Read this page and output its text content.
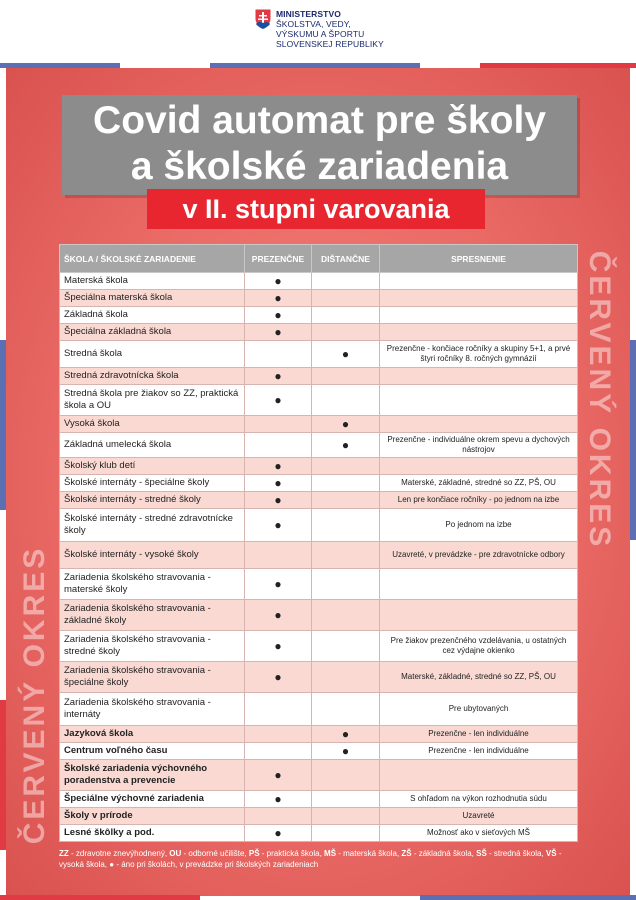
MINISTERSTVO
ŠKOLSTVA, VEDY,
VÝSKUMU A ŠPORTU
SLOVENSKEJ REPUBLIKY
Covid automat pre školy
a školské zariadenia
v II. stupni varovania
ČERVENÝ OKRES
ČERVENÝ OKRES
ŠKOLA / ŠKOLSKÉ ZARIADENIE	PREZENČNE	DIŠTANČNE	SPRESNENIE
Materská škola	●		
Špeciálna materská škola	●		
Základná škola	●		
Špeciálna základná škola	●		
Stredná škola		●	Prezenčne - končiace ročníky a skupiny 5+1, a prvé štyri ročníky 8. ročných gymnázií
Stredná zdravotnícka škola	●		
Stredná škola pre žiakov so ZZ, praktická škola a OU	●		
Vysoká škola		●	
Základná umelecká škola		●	Prezenčne - individuálne okrem spevu a dychových nástrojov
Školský klub detí	●		
Školské internáty - špeciálne školy	●		Materské, základné, stredné so ZZ, PŠ, OU
Školské internáty - stredné školy	●		Len pre končiace ročníky - po jednom na izbe
Školské internáty - stredné zdravotnícke školy	●		Po jednom na izbe
Školské internáty - vysoké školy			Uzavreté, v prevádzke - pre zdravotnícke odbory
Zariadenia školského stravovania - materské školy	●		
Zariadenia školského stravovania - základné školy	●		
Zariadenia školského stravovania - stredné školy	●		Pre žiakov prezenčného vzdelávania, u ostatných cez výdajne okienko
Zariadenia školského stravovania - špeciálne školy	●		Materské, základné, stredné so ZZ, PŠ, OU
Zariadenia školského stravovania - internáty			Pre ubytovaných
Jazyková škola		●	Prezenčne - len individuálne
Centrum voľného času		●	Prezenčne - len individuálne
Školské zariadenia výchovného poradenstva a prevencie	●		
Špeciálne výchovné zariadenia	●		S ohľadom na výkon rozhodnutia súdu
Školy v prírode			Uzavreté
Lesné škôlky a pod.	●		Možnosť ako v sieťových MŠ
ZZ - zdravotne znevýhodnený, OU - odborné učilište, PŠ - praktická škola, MŠ - materská škola, ZŠ - základná škola, SŠ - stredná škola, VŠ - vysoká škola, ● - áno pri školách, v prevádzke pri školských zariadeniach
